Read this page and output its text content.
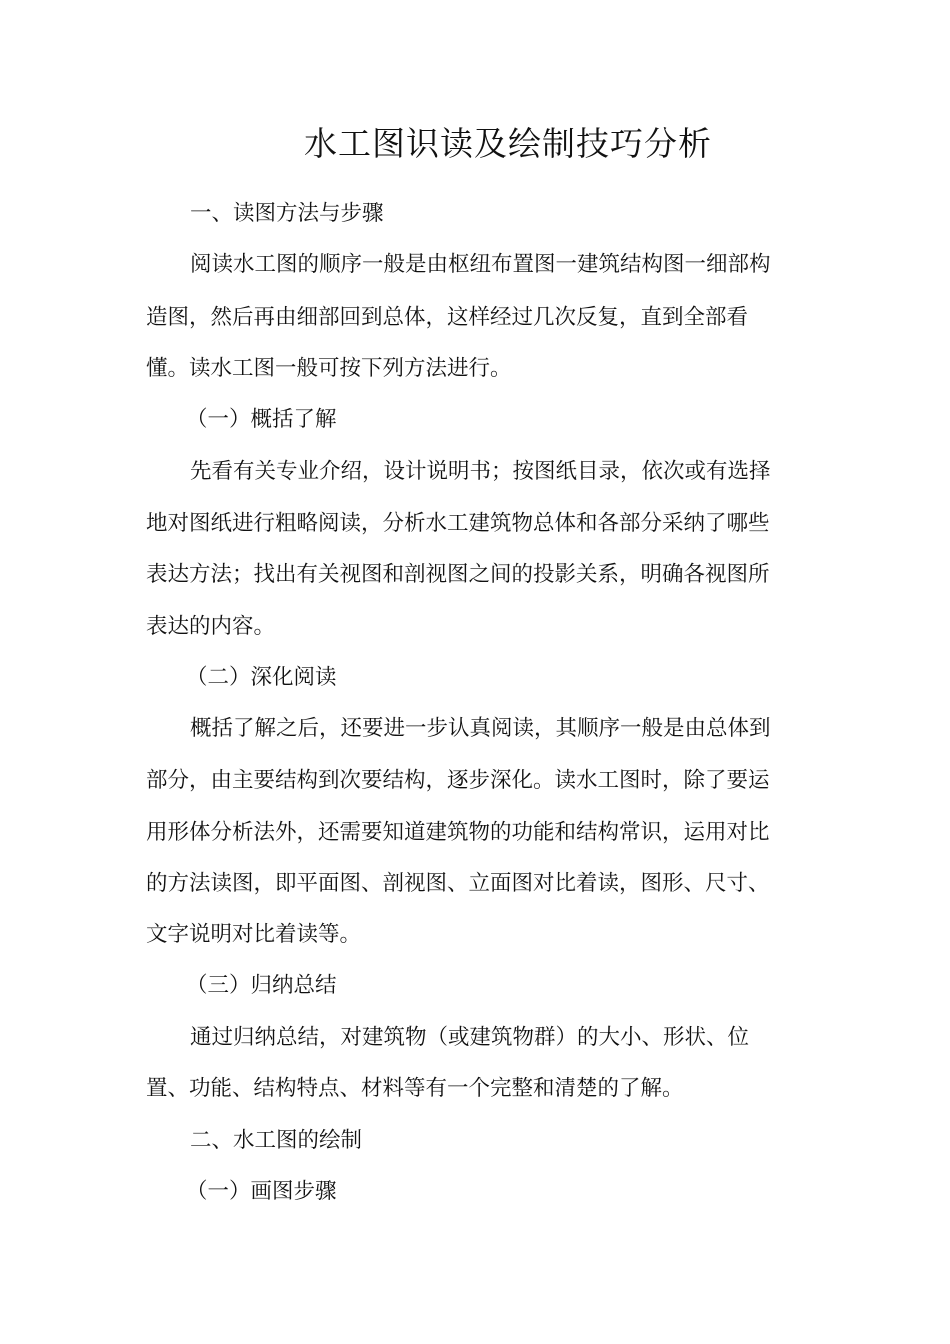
水工图识读及绘制技巧分析

一、读图方法与步骤

阅读水工图的顺序一般是由枢纽布置图一建筑结构图一细部构

造图，然后再由细部回到总体，这样经过几次反复，直到全部看

懂。读水工图一般可按下列方法进行。

（一）概括了解

先看有关专业介绍，设计说明书；按图纸目录，依次或有选择

地对图纸进行粗略阅读，分析水工建筑物总体和各部分采纳了哪些

表达方法；找出有关视图和剖视图之间的投影关系，明确各视图所

表达的内容。

（二）深化阅读

概括了解之后，还要进一步认真阅读，其顺序一般是由总体到

部分，由主要结构到次要结构，逐步深化。读水工图时，除了要运

用形体分析法外，还需要知道建筑物的功能和结构常识，运用对比

的方法读图，即平面图、剖视图、立面图对比着读，图形、尺寸、

文字说明对比着读等。

（三）归纳总结

通过归纳总结，对建筑物（或建筑物群）的大小、形状、位

置、功能、结构特点、材料等有一个完整和清楚的了解。

二、水工图的绘制

（一）画图步骤
